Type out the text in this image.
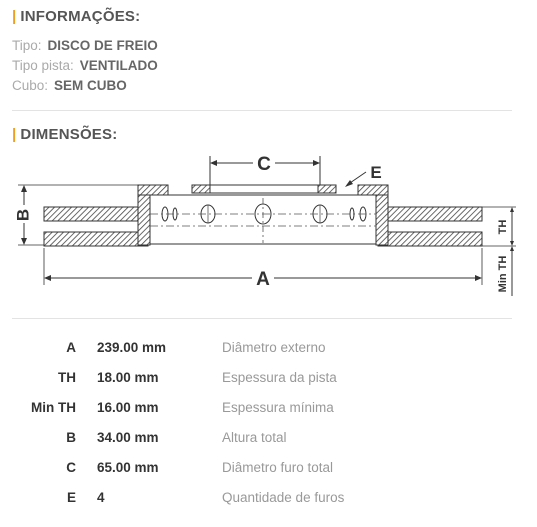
| INFORMAÇÕES:
Tipo: DISCO DE FREIO
Tipo pista: VENTILADO
Cubo: SEM CUBO
| DIMENSÕES:
C	E
B
A
TH
Min TH
A 239.00 mm	Diâmetro externo
TH 18.00 mm	Espessura da pista
Min TH 16.00 mm	Espessura mínima
B 34.00 mm	Altura total
C 65.00 mm	Diâmetro furo total
E 4	Quantidade de furos
